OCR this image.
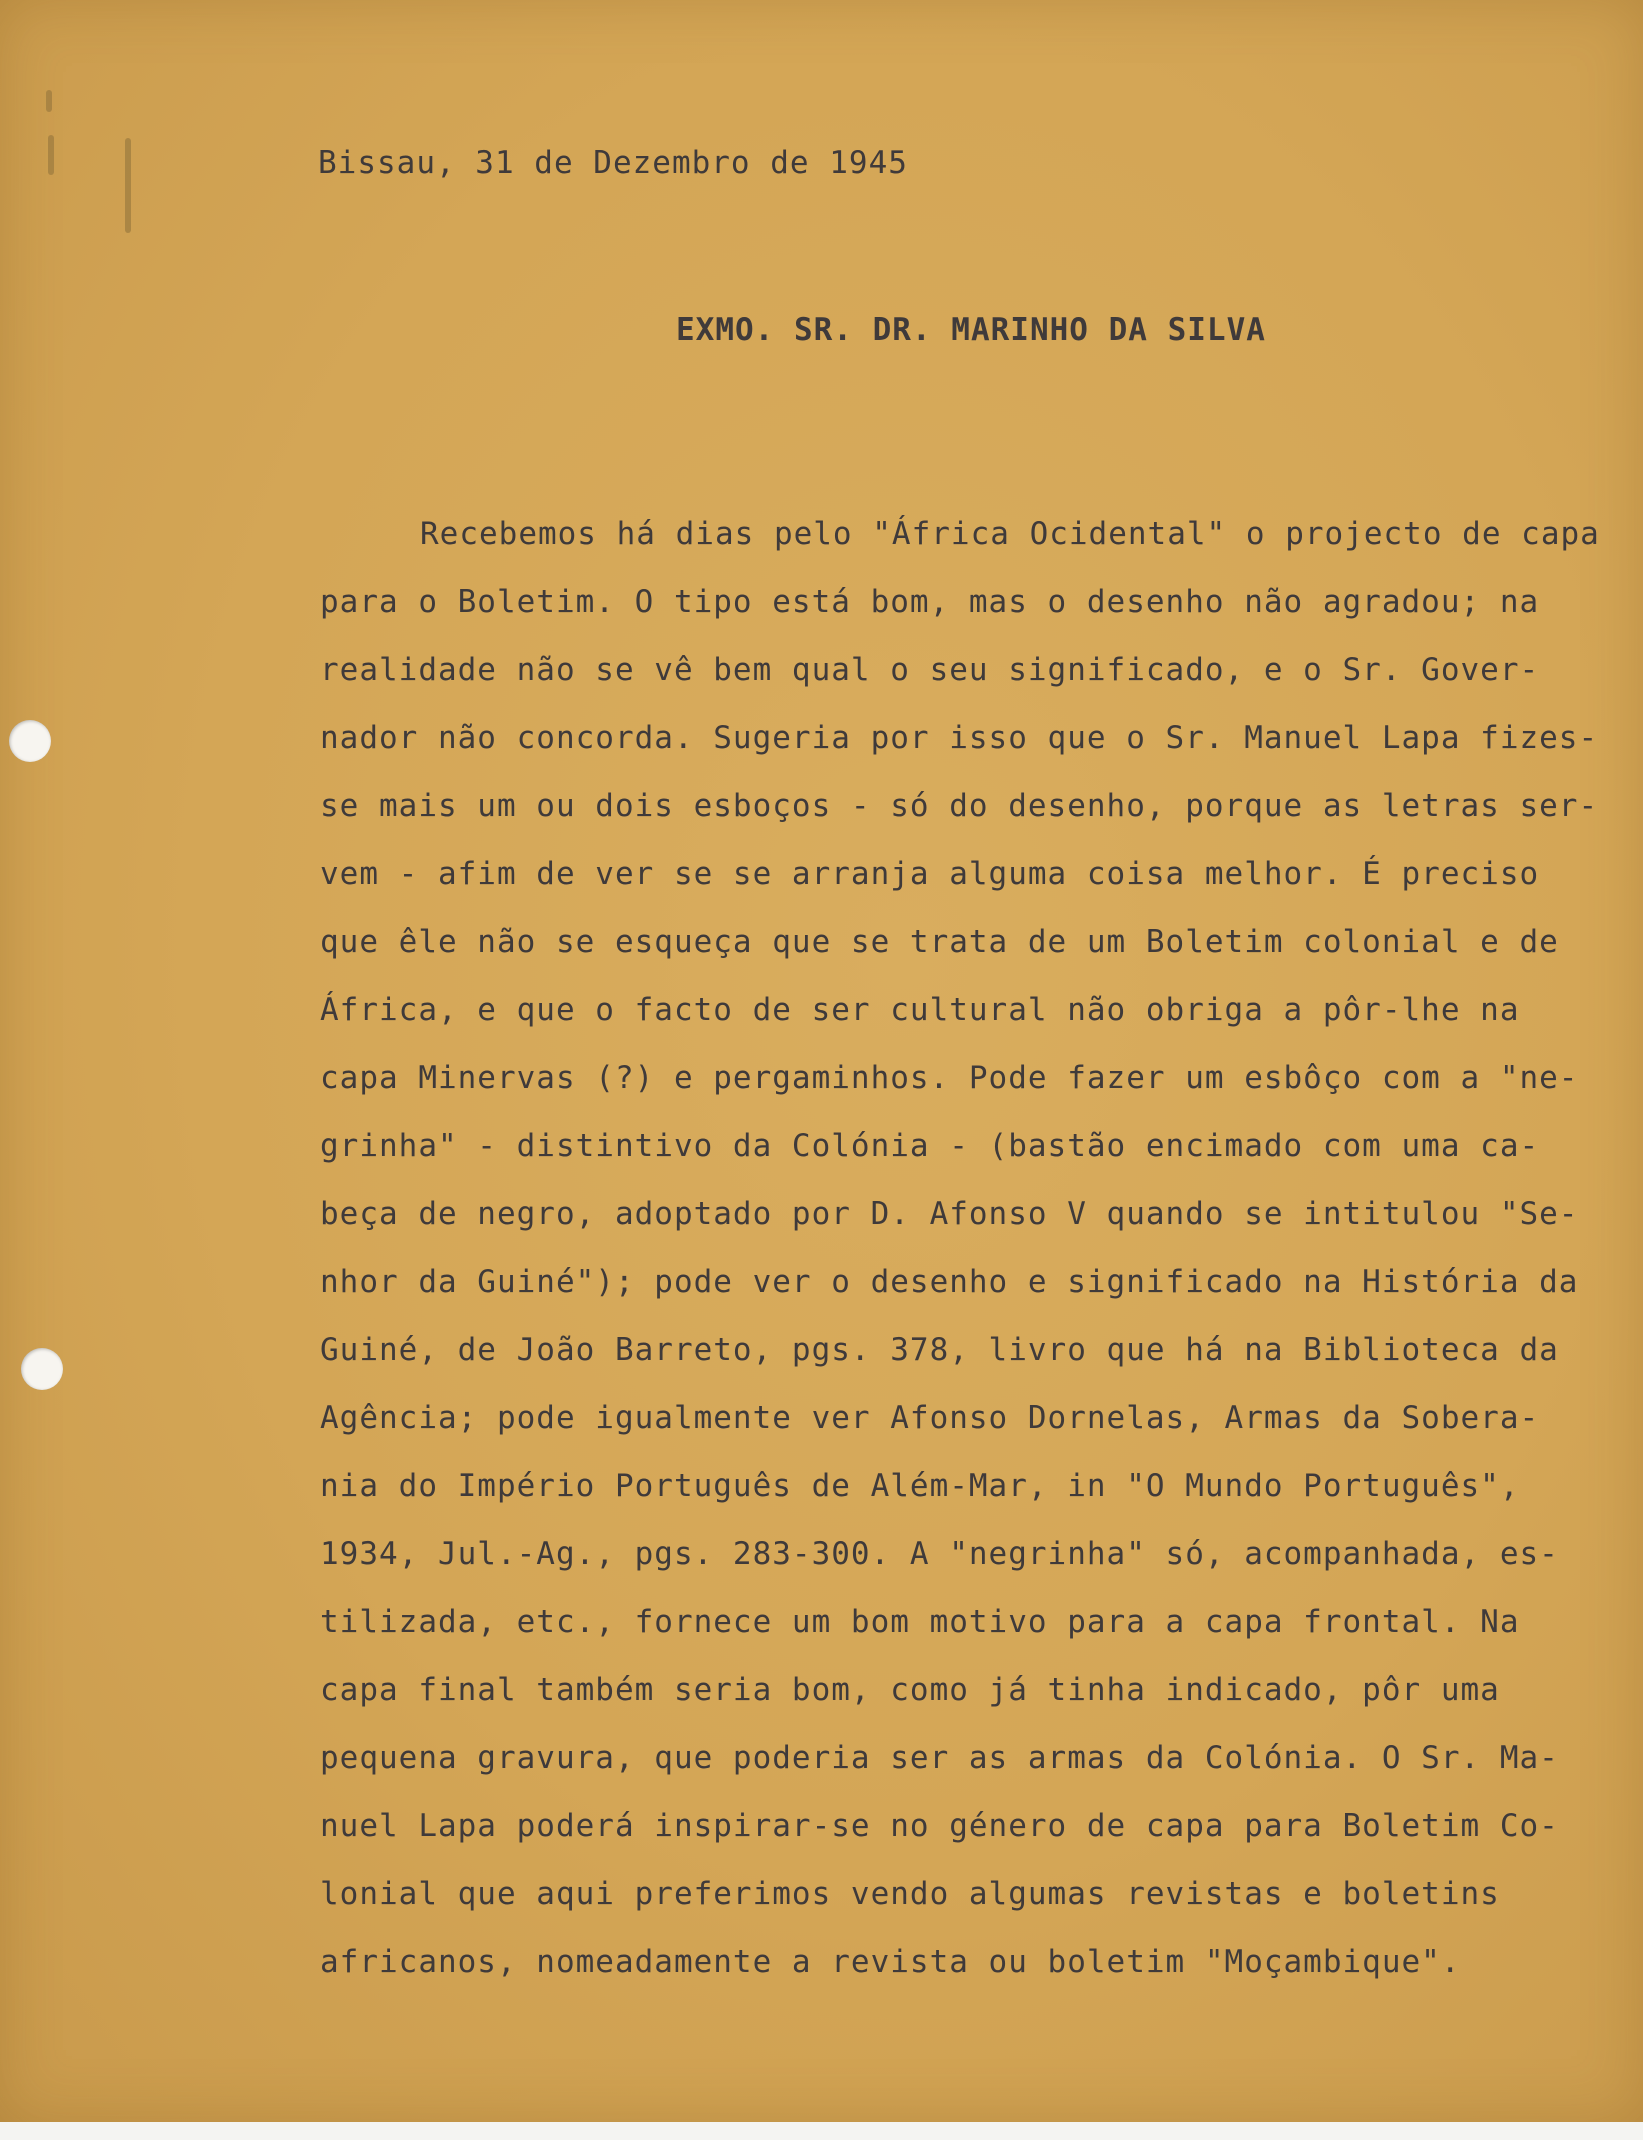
Bissau, 31 de Dezembro de 1945
EXMO. SR. DR. MARINHO DA SILVA
Recebemos há dias pelo "África Ocidental" o projecto de capa
para o Boletim. O tipo está bom, mas o desenho não agradou; na
realidade não se vê bem qual o seu significado, e o Sr. Gover-
nador não concorda. Sugeria por isso que o Sr. Manuel Lapa fizes-
se mais um ou dois esboços - só do desenho, porque as letras ser-
vem - afim de ver se se arranja alguma coisa melhor. É preciso
que êle não se esqueça que se trata de um Boletim colonial e de
África, e que o facto de ser cultural não obriga a pôr-lhe na
capa Minervas (?) e pergaminhos. Pode fazer um esbôço com a "ne-
grinha" - distintivo da Colónia - (bastão encimado com uma ca-
beça de negro, adoptado por D. Afonso V quando se intitulou "Se-
nhor da Guiné"); pode ver o desenho e significado na História da
Guiné, de João Barreto, pgs. 378, livro que há na Biblioteca da
Agência; pode igualmente ver Afonso Dornelas, Armas da Sobera-
nia do Império Português de Além-Mar, in "O Mundo Português",
1934, Jul.-Ag., pgs. 283-300. A "negrinha" só, acompanhada, es-
tilizada, etc., fornece um bom motivo para a capa frontal. Na
capa final também seria bom, como já tinha indicado, pôr uma
pequena gravura, que poderia ser as armas da Colónia. O Sr. Ma-
nuel Lapa poderá inspirar-se no género de capa para Boletim Co-
lonial que aqui preferimos vendo algumas revistas e boletins
africanos, nomeadamente a revista ou boletim "Moçambique".
